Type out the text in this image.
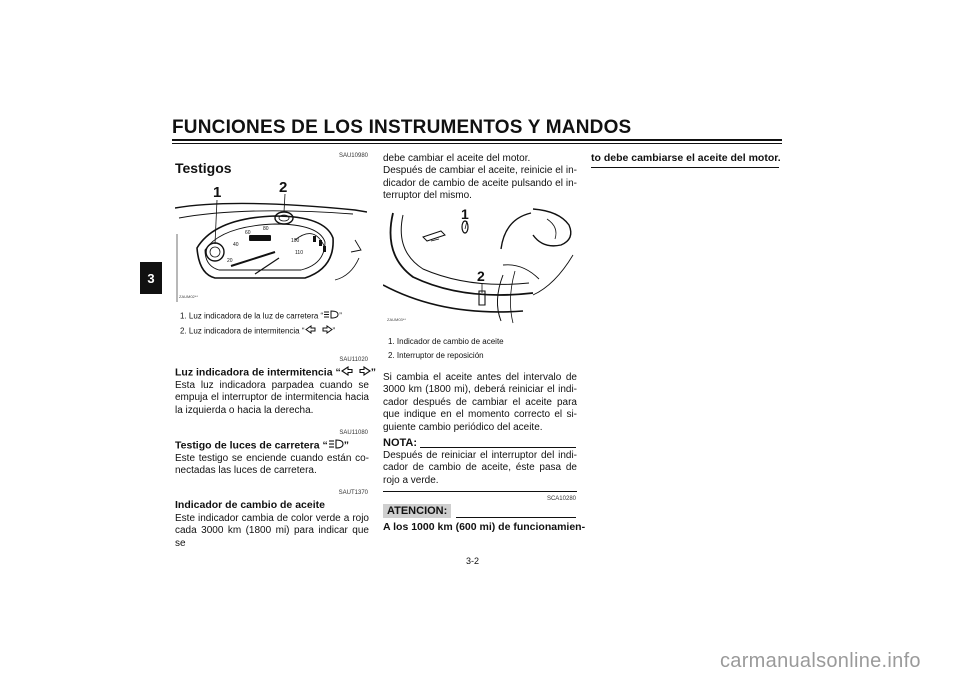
FUNCIONES DE LOS INSTRUMENTOS Y MANDOS
3
SAU10980
Testigos
20
40
60
80
100
110
1	2
ZAUM02**
1. Luz indicadora de la luz de carretera “ ”
2. Luz indicadora de intermitencia “	”
SAU11020
Luz indicadora de intermitencia “	”
Esta luz indicadora parpadea cuando se
empuja el interruptor de intermitencia hacia
la izquierda o hacia la derecha.
SAU11080
Testigo de luces de carretera “ ”
Este testigo se enciende cuando están co-
nectadas las luces de carretera.
SAUT1370
Indicador de cambio de aceite
Este indicador cambia de color verde a rojo
cada 3000 km (1800 mi) para indicar que se
debe cambiar el aceite del motor.
Después de cambiar el aceite, reinicie el in-
dicador de cambio de aceite pulsando el in-
terruptor del mismo.
1
2
ZAUM03**
1. Indicador de cambio de aceite
2. Interruptor de reposición
Si cambia el aceite antes del intervalo de
3000 km (1800 mi), deberá reiniciar el indi-
cador después de cambiar el aceite para
que indique en el momento correcto el si-
guiente cambio periódico del aceite.
NOTA:
Después de reiniciar el interruptor del indi-
cador de cambio de aceite, éste pasa de
rojo a verde.
SCA10280
ATENCION:
A los 1000 km (600 mi) de funcionamien-
to debe cambiarse el aceite del motor.
3-2
carmanualsonline.info
